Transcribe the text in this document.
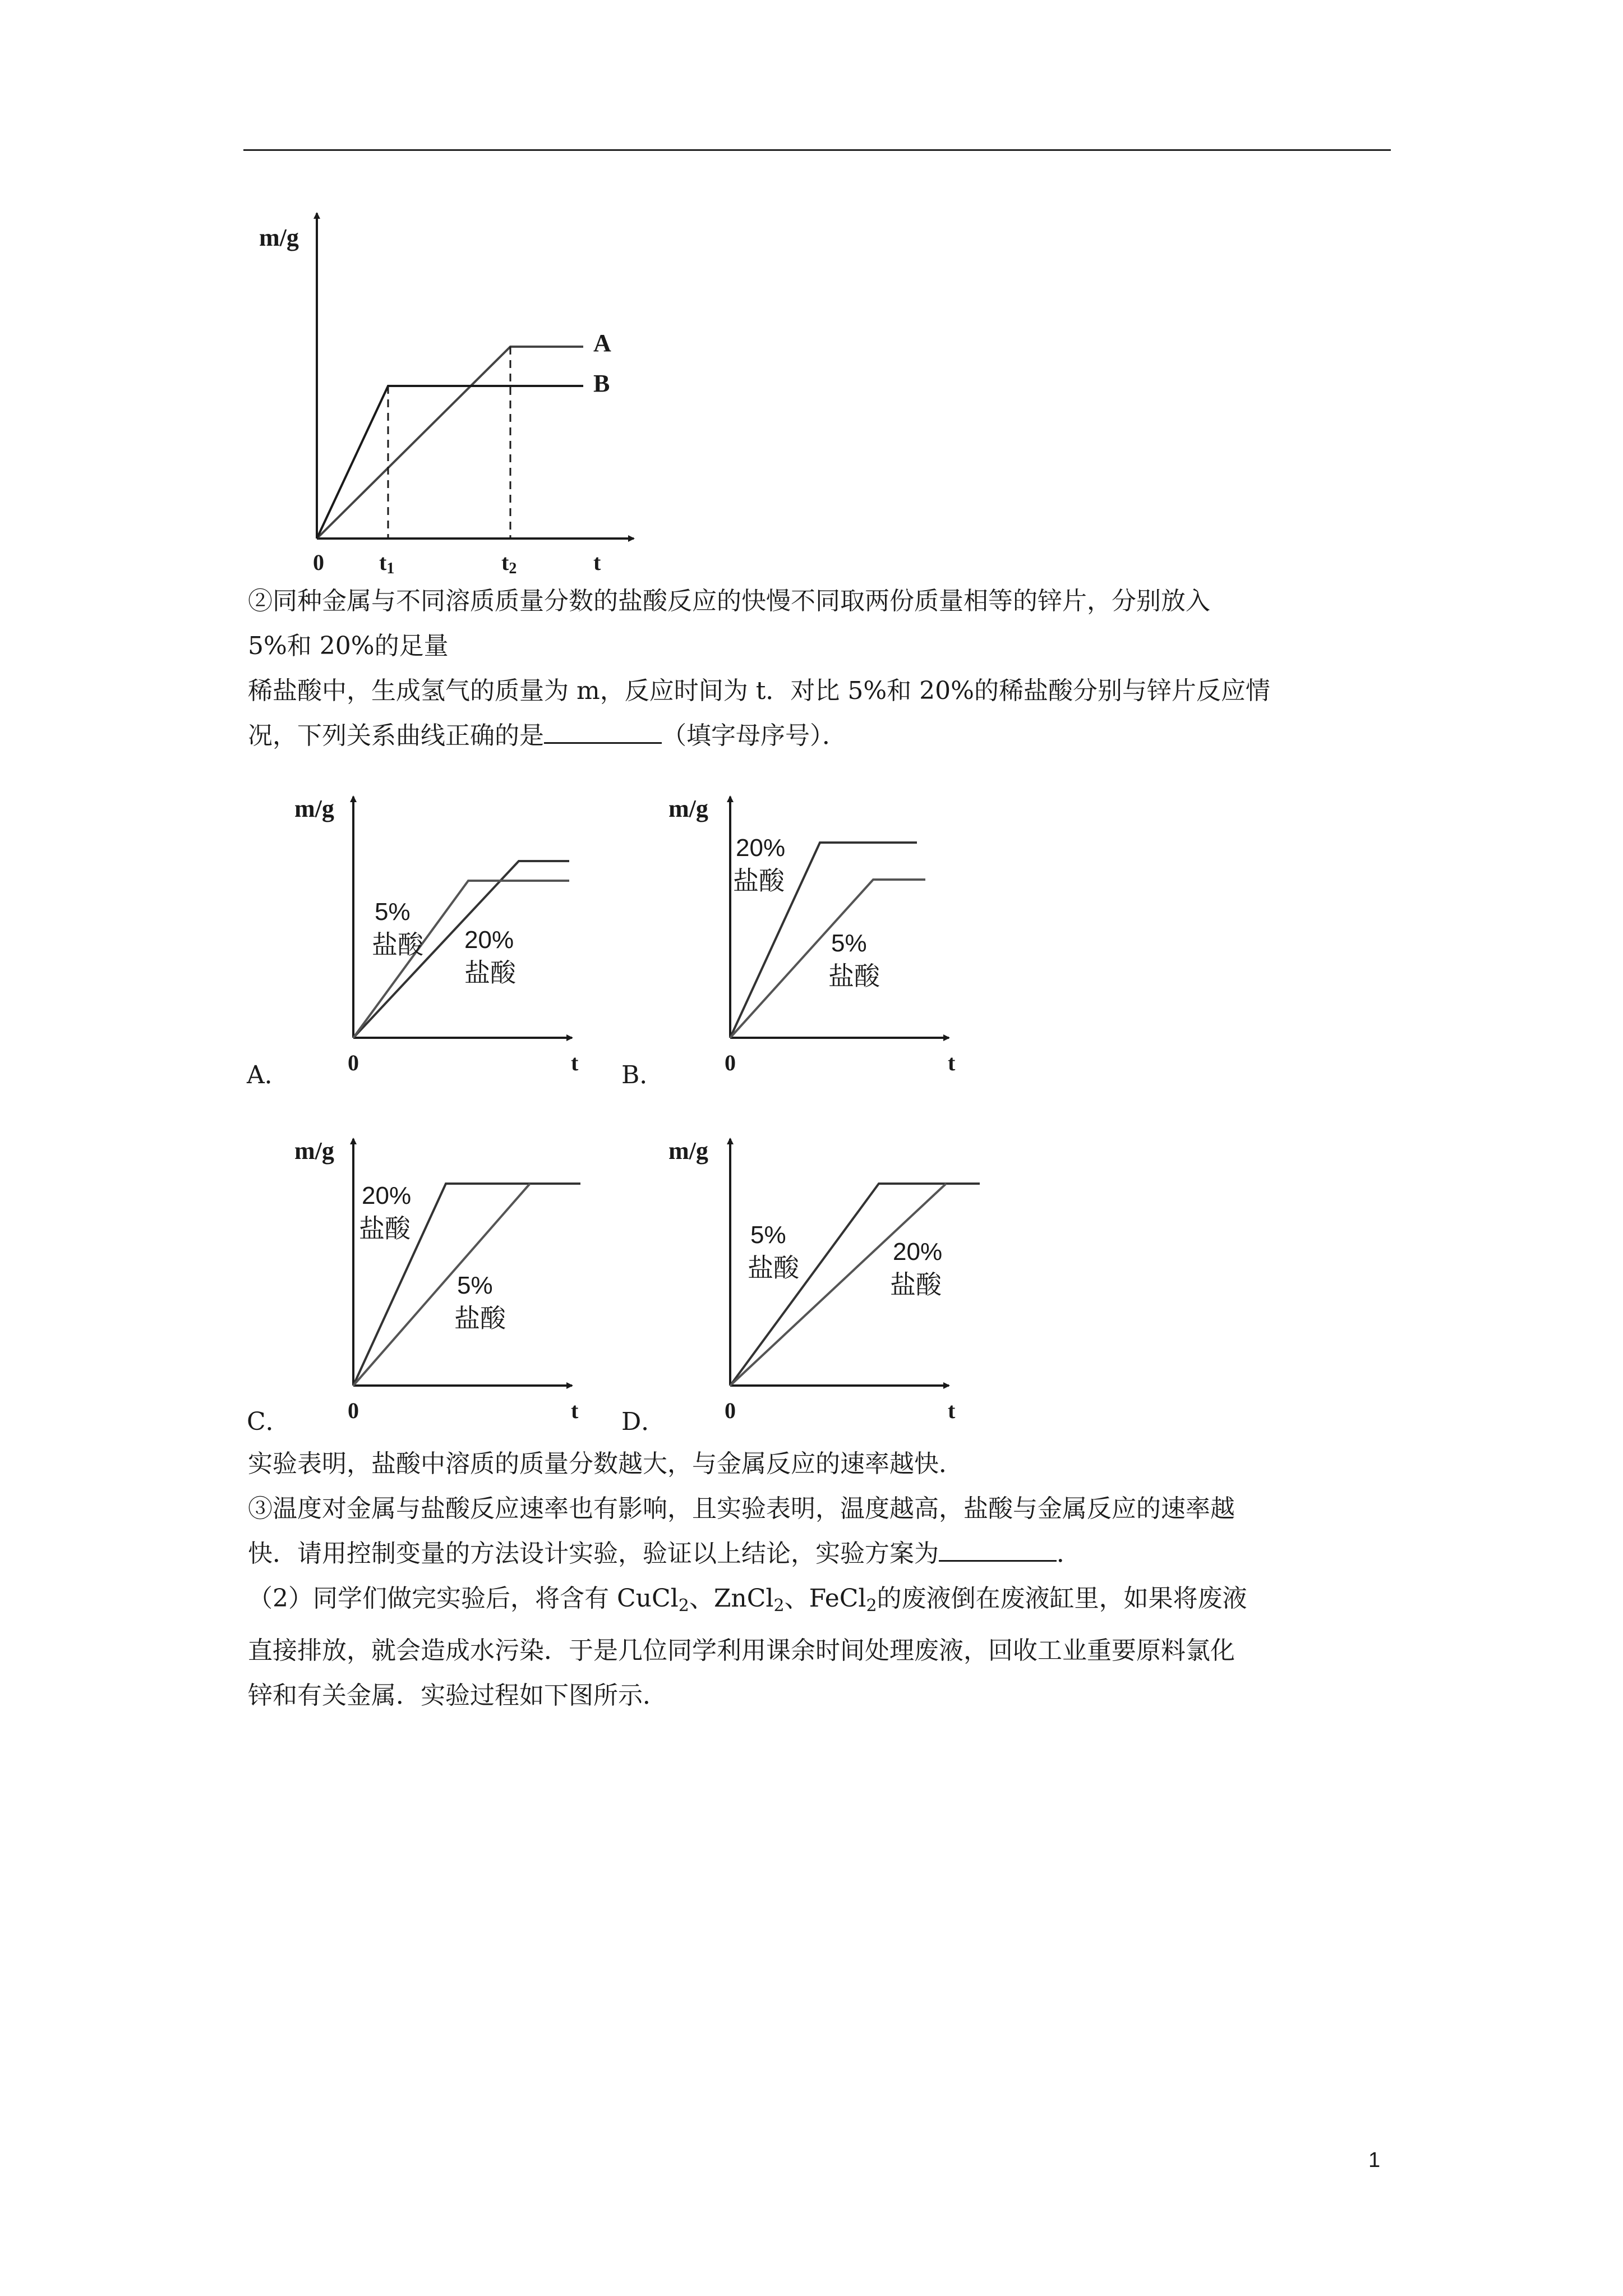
m/g
A
B
0 t1	t2	t

②同种金属与不同溶质质量分数的盐酸反应的快慢不同取两份质量相等的锌片，分别放入

5%和 20%的足量

稀盐酸中，生成氢气的质量为 m，反应时间为 t．对比 5%和 20%的稀盐酸分别与锌片反应情

况，下列关系曲线正确的是	（填字母序号）．

m/g
5%
盐酸 20%
盐酸
0	t
A．
m/g
20%
盐酸
5%
盐酸
0	t
B．
m/g
20%
盐酸
5%
盐酸
0	t
C．
m/g
5%
盐酸
20%
盐酸
0	t
D．

实验表明，盐酸中溶质的质量分数越大，与金属反应的速率越快．

③温度对金属与盐酸反应速率也有影响，且实验表明，温度越高，盐酸与金属反应的速率越

快．请用控制变量的方法设计实验，验证以上结论，实验方案为	．

（2）同学们做完实验后，将含有 CuCl$_2$、ZnCl$_2$、FeCl$_2$的废液倒在废液缸里，如果将废液

直接排放，就会造成水污染．于是几位同学利用课余时间处理废液，回收工业重要原料氯化

锌和有关金属．实验过程如下图所示．

1
